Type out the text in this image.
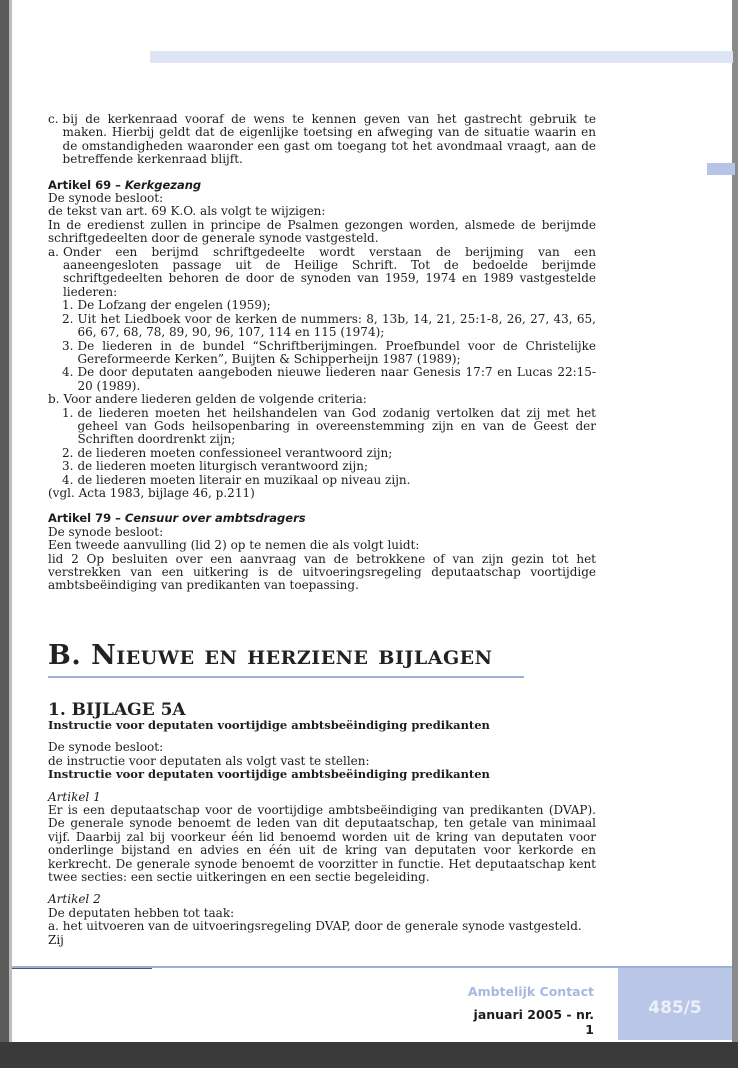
c. bij de kerkenraad vooraf de wens te kennen geven van het gastrecht gebruik te maken. Hierbij geldt dat de eigenlijke toetsing en afweging van de situatie waarin en de omstandigheden waaronder een gast om toegang tot het avondmaal vraagt, aan de betreffende kerkenraad blijft.
Artikel 69 – Kerkgezang
De synode besloot:
de tekst van art. 69 K.O. als volgt te wijzigen:
In de eredienst zullen in principe de Psalmen gezongen worden, alsmede de berijmde schriftgedeelten door de generale synode vastgesteld.
a. Onder een berijmd schriftgedeelte wordt verstaan de berijming van een aaneengesloten passage uit de Heilige Schrift. Tot de bedoelde berijmde schriftgedeelten behoren de door de synoden van 1959, 1974 en 1989 vastgestelde liederen:
1. De Lofzang der engelen (1959);
2. Uit het Liedboek voor de kerken de nummers: 8, 13b, 14, 21, 25:1-8, 26, 27, 43, 65, 66, 67, 68, 78, 89, 90, 96, 107, 114 en 115 (1974);
3. De liederen in de bundel “Schriftberijmingen. Proefbundel voor de Christelijke Gereformeerde Kerken”, Buijten & Schipperheijn 1987 (1989);
4. De door deputaten aangeboden nieuwe liederen naar Genesis 17:7 en Lucas 22:15-20 (1989).
b. Voor andere liederen gelden de volgende criteria:
1. de liederen moeten het heilshandelen van God zodanig vertolken dat zij met het geheel van Gods heilsopenbaring in overeenstemming zijn en van de Geest der Schriften doordrenkt zijn;
2. de liederen moeten confessioneel verantwoord zijn;
3. de liederen moeten liturgisch verantwoord zijn;
4. de liederen moeten literair en muzikaal op niveau zijn.
(vgl. Acta 1983, bijlage 46, p.211)
Artikel 79 – Censuur over ambtsdragers
De synode besloot:
Een tweede aanvulling (lid 2) op te nemen die als volgt luidt:
lid 2 Op besluiten over een aanvraag van de betrokkene of van zijn gezin tot het verstrekken van een uitkering is de uitvoeringsregeling deputaatschap voortijdige ambtsbeëindiging van predikanten van toepassing.
B. Nieuwe en herziene bijlagen
1. BIJLAGE 5A
Instructie voor deputaten voortijdige ambtsbeëindiging predikanten
De synode besloot:
de instructie voor deputaten als volgt vast te stellen:
Instructie voor deputaten voortijdige ambtsbeëindiging predikanten
Artikel 1
Er is een deputaatschap voor de voortijdige ambtsbeëindiging van predikanten (DVAP). De generale synode benoemt de leden van dit deputaatschap, ten getale van minimaal vijf. Daarbij zal bij voorkeur één lid benoemd worden uit de kring van deputaten voor onderlinge bijstand en advies en één uit de kring van deputaten voor kerkorde en kerkrecht. De generale synode benoemt de voorzitter in functie. Het deputaatschap kent twee secties: een sectie uitkeringen en een sectie begeleiding.
Artikel 2
De deputaten hebben tot taak:
a. het uitvoeren van de uitvoeringsregeling DVAP, door de generale synode vastgesteld. Zij
Ambtelijk Contact
januari 2005 - nr. 1
485/5
